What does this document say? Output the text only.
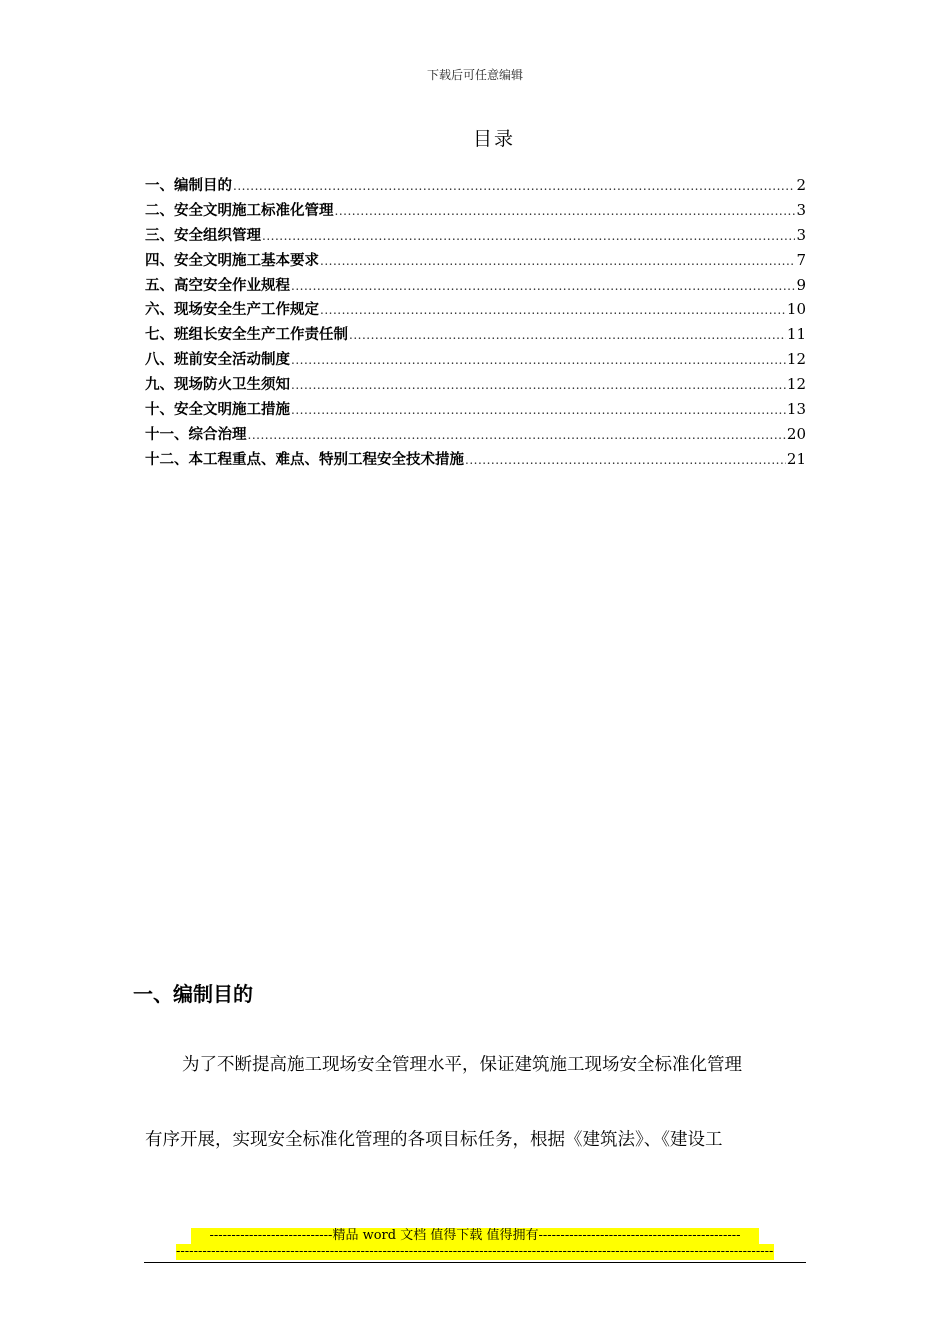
下载后可任意编辑
目录
一、编制目的 .....	2
二、安全文明施工标准化管理 .....	3
三、安全组织管理 .....	3
四、安全文明施工基本要求 .....	7
五、高空安全作业规程 .....	9
六、现场安全生产工作规定 .....	10
七、班组长安全生产工作责任制 .....	11
八、班前安全活动制度 .....	12
九、现场防火卫生须知 .....	12
十、安全文明施工措施 .....	13
十一、综合治理 .....	20
十二、本工程重点、难点、特别工程安全技术措施 .....	21
一、编制目的
为了不断提高施工现场安全管理水平，保证建筑施工现场安全标准化管理
有序开展，实现安全标准化管理的各项目标任务，根据《建筑法》、《建设工
----------------------------精品 word 文档 值得下载 值得拥有----------------------------------------------
-----
